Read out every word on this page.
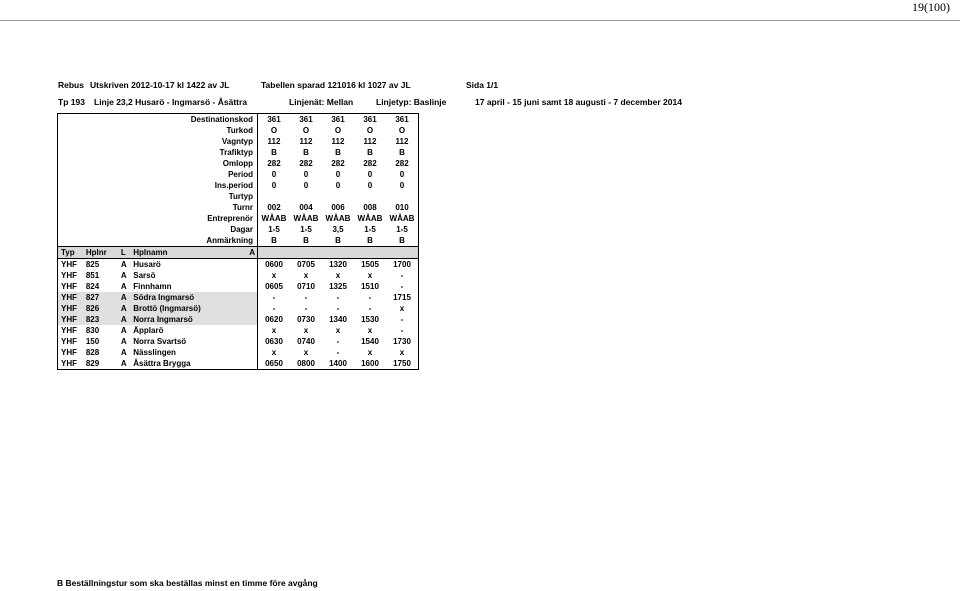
19(100)
Rebus Utskriven 2012-10-17 kl 1422 av JL	Tabellen sparad 121016 kl 1027 av JL	Sida 1/1
Tp 193 Linje 23,2 Husarö - Ingmarsö - Åsättra	Linjenät: Mellan	Linjetyp: Baslinje	17 april - 15 juni samt 18 augusti - 7 december 2014
Destinationskod				361	361	361	361	361
Turkod				O	O	O	O	O
Vagntyp				112	112	112	112	112
Trafiktyp				B	B	B	B	B
Omlopp				282	282	282	282	282
Period				0	0	0	0	0
Ins.period				0	0	0	0	0
Turtyp								
Turnr				002	004	006	008	010
Entreprenör				WÅAB	WÅAB	WÅAB	WÅAB	WÅAB
Dagar				1-5	1-5	3,5	1-5	1-5
Anmärkning				B	B	B	B	B
Typ	Hplnr	L	Hplnamn A					

YHF	825	A	Husarö	0600	0705	1320	1505	1700
YHF	851	A	Sarsö	x	x	x	x	-
YHF	824	A	Finnhamn	0605	0710	1325	1510	-
YHF	827	A	Södra Ingmarsö	-	-	-	-	1715
YHF	826	A	Brottö (Ingmarsö)	-	-	-	-	x
YHF	823	A	Norra Ingmarsö	0620	0730	1340	1530	-
YHF	830	A	Äpplarö	x	x	x	x	-
YHF	150	A	Norra Svartsö	0630	0740	-	1540	1730
YHF	828	A	Nässlingen	x	x	-	x	x
YHF	829	A	Åsättra Brygga	0650	0800	1400	1600	1750
B Beställningstur som ska beställas minst en timme före avgång
